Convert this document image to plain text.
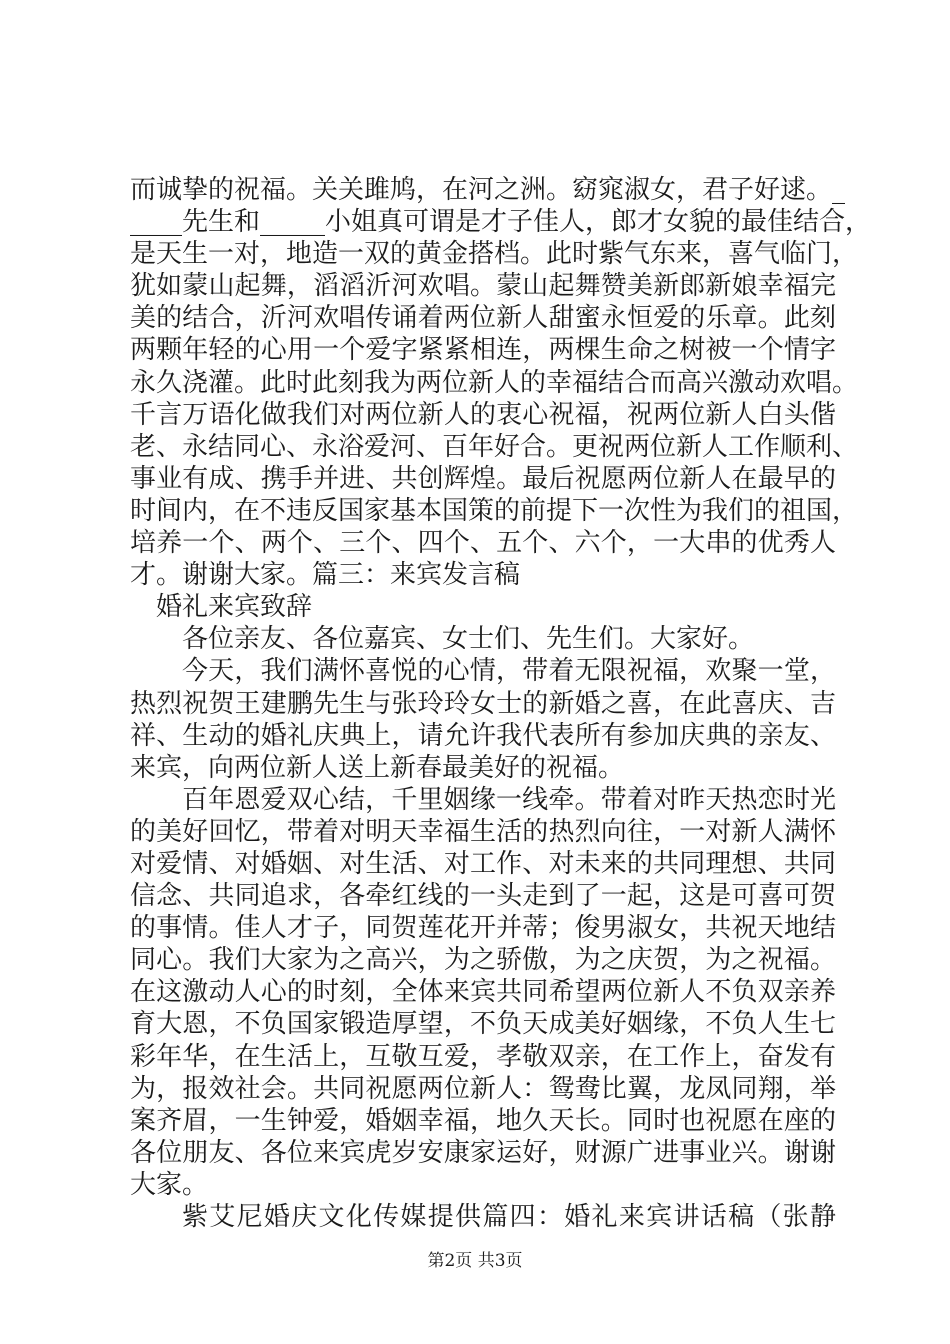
而诚挚的祝福。关关雎鸠，在河之洲。窈窕淑女，君子好逑。_
____先生和_____小姐真可谓是才子佳人，郎才女貌的最佳结合，
是天生一对，地造一双的黄金搭档。此时紫气东来，喜气临门，
犹如蒙山起舞，滔滔沂河欢唱。蒙山起舞赞美新郎新娘幸福完
美的结合，沂河欢唱传诵着两位新人甜蜜永恒爱的乐章。此刻
两颗年轻的心用一个爱字紧紧相连，两棵生命之树被一个情字
永久浇灌。此时此刻我为两位新人的幸福结合而高兴激动欢唱。
千言万语化做我们对两位新人的衷心祝福，祝两位新人白头偕
老、永结同心、永浴爱河、百年好合。更祝两位新人工作顺利、
事业有成、携手并进、共创辉煌。最后祝愿两位新人在最早的
时间内，在不违反国家基本国策的前提下一次性为我们的祖国，
培养一个、两个、三个、四个、五个、六个，一大串的优秀人
才。谢谢大家。篇三：来宾发言稿
婚礼来宾致辞
各位亲友、各位嘉宾、女士们、先生们。大家好。
今天，我们满怀喜悦的心情，带着无限祝福，欢聚一堂，
热烈祝贺王建鹏先生与张玲玲女士的新婚之喜，在此喜庆、吉
祥、生动的婚礼庆典上，请允许我代表所有参加庆典的亲友、
来宾，向两位新人送上新春最美好的祝福。
百年恩爱双心结，千里姻缘一线牵。带着对昨天热恋时光
的美好回忆，带着对明天幸福生活的热烈向往，一对新人满怀
对爱情、对婚姻、对生活、对工作、对未来的共同理想、共同
信念、共同追求，各牵红线的一头走到了一起，这是可喜可贺
的事情。佳人才子，同贺莲花开并蒂；俊男淑女，共祝天地结
同心。我们大家为之高兴，为之骄傲，为之庆贺，为之祝福。
在这激动人心的时刻，全体来宾共同希望两位新人不负双亲养
育大恩，不负国家锻造厚望，不负天成美好姻缘，不负人生七
彩年华，在生活上，互敬互爱，孝敬双亲，在工作上，奋发有
为，报效社会。共同祝愿两位新人：鸳鸯比翼，龙凤同翔，举
案齐眉，一生钟爱，婚姻幸福，地久天长。同时也祝愿在座的
各位朋友、各位来宾虎岁安康家运好，财源广进事业兴。谢谢
大家。
紫艾尼婚庆文化传媒提供篇四：婚礼来宾讲话稿（张静
第2页 共3页
